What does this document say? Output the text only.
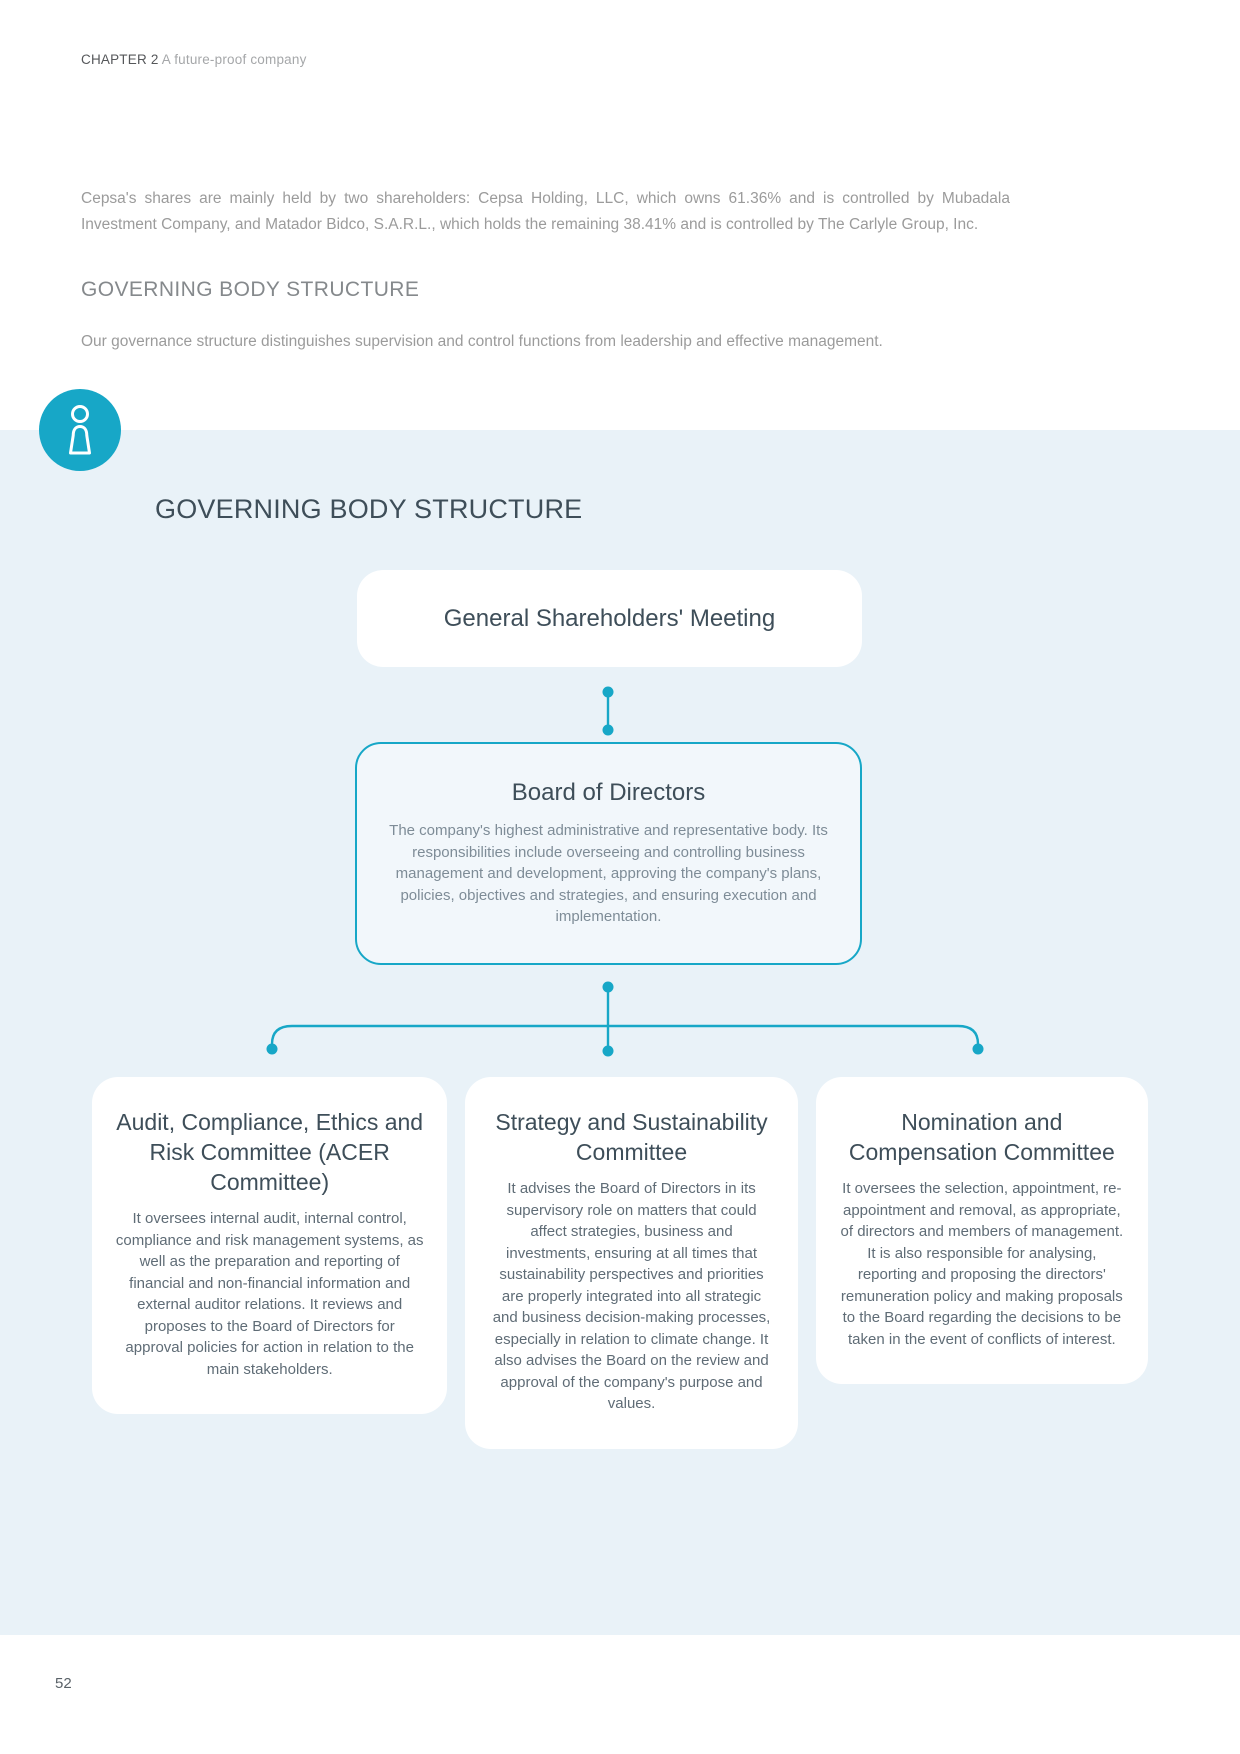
CHAPTER 2 A future-proof company

Cepsa's shares are mainly held by two shareholders: Cepsa Holding, LLC, which owns 61.36% and is controlled by Mubadala Investment Company, and Matador Bidco, S.A.R.L., which holds the remaining 38.41% and is controlled by The Carlyle Group, Inc.

GOVERNING BODY STRUCTURE

Our governance structure distinguishes supervision and control functions from leadership and effective management.

GOVERNING BODY STRUCTURE
General Shareholders' Meeting
Board of Directors
The company's highest administrative and representative body. Its responsibilities include overseeing and controlling business management and development, approving the company's plans, policies, objectives and strategies, and ensuring execution and implementation.
Audit, Compliance, Ethics and Risk Committee (ACER Committee)
It oversees internal audit, internal control, compliance and risk management systems, as well as the preparation and reporting of financial and non-financial information and external auditor relations. It reviews and proposes to the Board of Directors for approval policies for action in relation to the main stakeholders.
Strategy and Sustainability Committee
It advises the Board of Directors in its supervisory role on matters that could affect strategies, business and investments, ensuring at all times that sustainability perspectives and priorities are properly integrated into all strategic and business decision-making processes, especially in relation to climate change. It also advises the Board on the review and approval of the company's purpose and values.
Nomination and Compensation Committee
It oversees the selection, appointment, re-appointment and removal, as appropriate, of directors and members of management. It is also responsible for analysing, reporting and proposing the directors' remuneration policy and making proposals to the Board regarding the decisions to be taken in the event of conflicts of interest.
52
